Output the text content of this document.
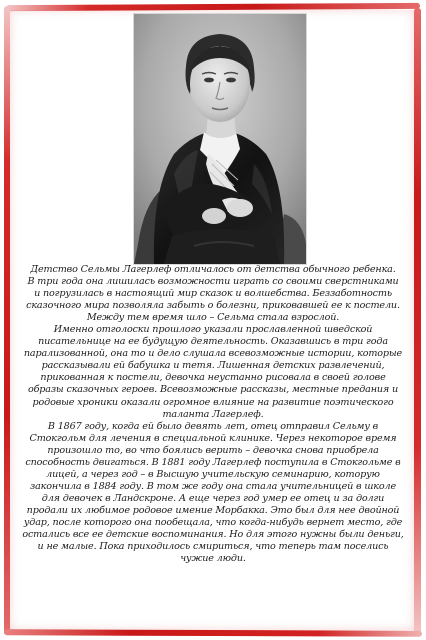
Детство Сельмы Лагерлеф отличалось от детства обычного ребенка.
В три года она лишилась возможности играть со своими сверстниками
и погрузилась в настоящий мир сказок и волшебства. Беззаботность
сказочного мира позволяла забыть о болезни, приковавшей ее к постели.
Между тем время шло – Сельма стала взрослой.
Именно отголоски прошлого указали прославленной шведской
писательнице на ее будущую деятельность. Оказавшись в три года
парализованной, она то и дело слушала всевозможные истории, которые
рассказывали ей бабушка и тетя. Лишенная детских развлечений,
прикованная к постели, девочка неустанно рисовала в своей голове
образы сказочных героев. Всевозможные рассказы, местные предания и
родовые хроники оказали огромное влияние на развитие поэтического
таланта Лагерлеф.
В 1867 году, когда ей было девять лет, отец отправил Сельму в
Стокгольм для лечения в специальной клинике. Через некоторое время
произошло то, во что боялись верить – девочка снова приобрела
способность двигаться. В 1881 году Лагерлеф поступила в Стокгольме в
лицей, а через год – в Высшую учительскую семинарию, которую
закончила в 1884 году. В том же году она стала учительницей в школе
для девочек в Ландскроне. А еще через год умер ее отец и за долги
продали их любимое родовое имение Морбакка. Это был для нее двойной
удар, после которого она пообещала, что когда-нибудь вернет место, где
остались все ее детские воспоминания. Но для этого нужны были деньги,
и не малые. Пока приходилось смириться, что теперь там поселись
чужие люди.
